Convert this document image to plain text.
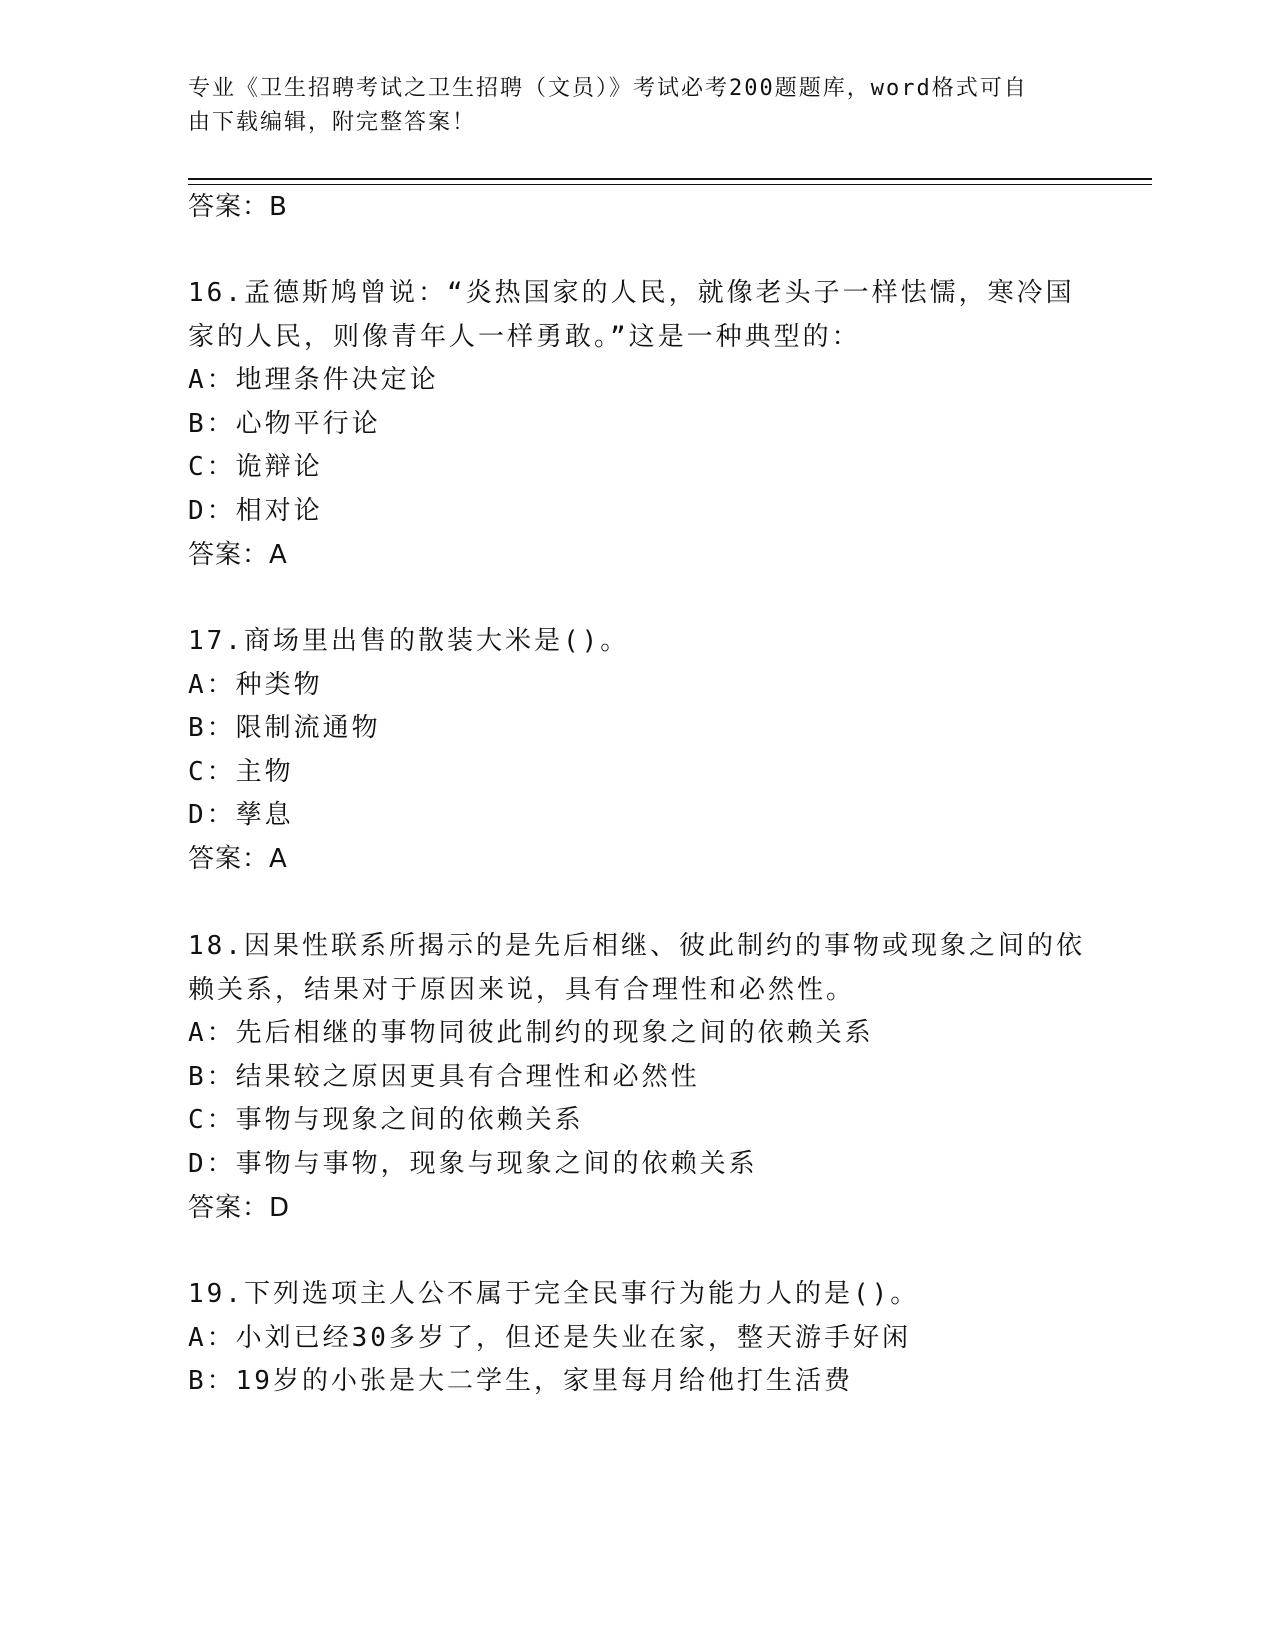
专业《卫生招聘考试之卫生招聘（文员）》考试必考200题题库，word格式可自
由下载编辑，附完整答案！
答案：B
16.孟德斯鸠曾说：“炎热国家的人民，就像老头子一样怯懦，寒冷国
家的人民，则像青年人一样勇敢。”这是一种典型的：
A：地理条件决定论
B：心物平行论
C：诡辩论
D：相对论
答案：A
17.商场里出售的散装大米是()。
A：种类物
B：限制流通物
C：主物
D：孳息
答案：A
18.因果性联系所揭示的是先后相继、彼此制约的事物或现象之间的依
赖关系，结果对于原因来说，具有合理性和必然性。
A：先后相继的事物同彼此制约的现象之间的依赖关系
B：结果较之原因更具有合理性和必然性
C：事物与现象之间的依赖关系
D：事物与事物，现象与现象之间的依赖关系
答案：D
19.下列选项主人公不属于完全民事行为能力人的是()。
A：小刘已经30多岁了，但还是失业在家，整天游手好闲
B：19岁的小张是大二学生，家里每月给他打生活费
